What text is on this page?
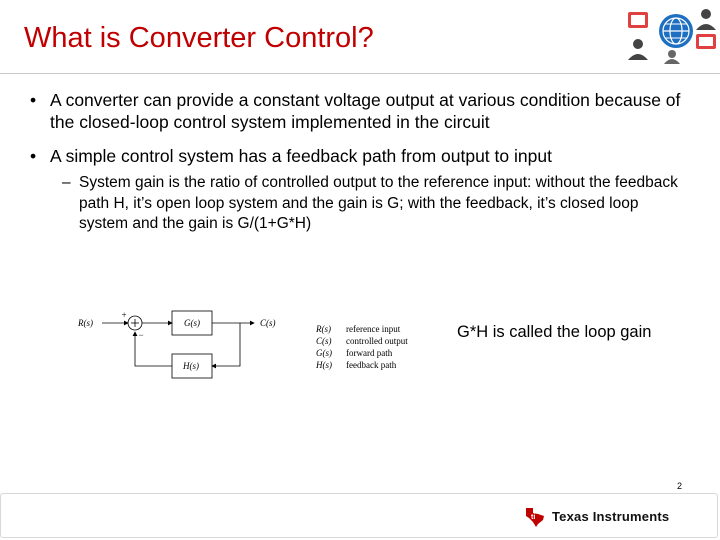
What is Converter Control?
• A converter can provide a constant voltage output at various condition because of the closed-loop control system implemented in the circuit
• A simple control system has a feedback path from output to input
– System gain is the ratio of controlled output to the reference input: without the feedback path H, it’s open loop system and the gain is G; with the feedback, it’s closed loop system and the gain is G/(1+G*H)
R(s)
+
−
G(s)	C(s)
H(s)
R(s) reference input
C(s) controlled output
G(s) forward path
H(s) feedback path
G*H is called the loop gain
2
ti Texas Instruments
